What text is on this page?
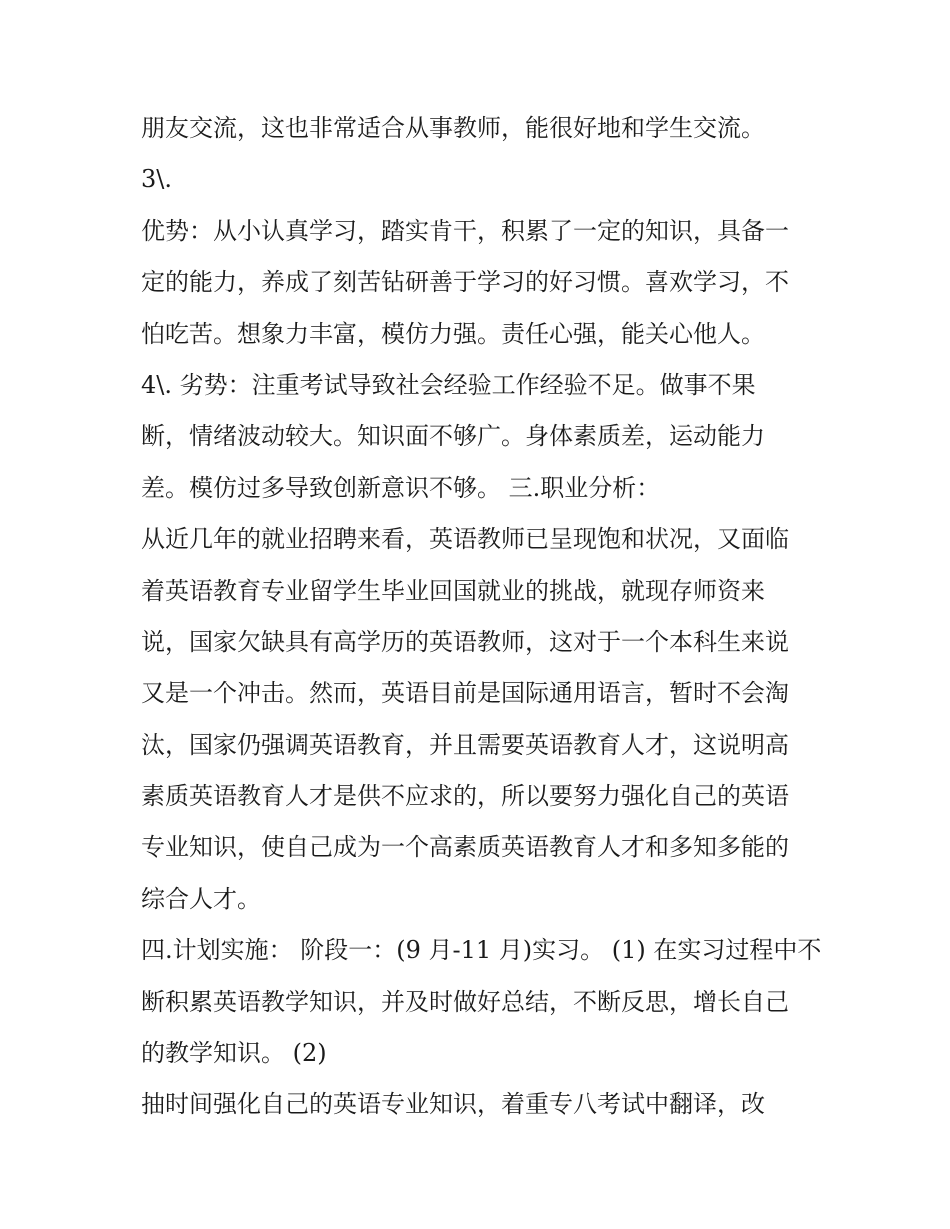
朋友交流，这也非常适合从事教师，能很好地和学生交流。
3\.
优势：从小认真学习，踏实肯干，积累了一定的知识，具备一
定的能力，养成了刻苦钻研善于学习的好习惯。喜欢学习，不
怕吃苦。想象力丰富，模仿力强。责任心强，能关心他人。
4\. 劣势：注重考试导致社会经验工作经验不足。做事不果
断，情绪波动较大。知识面不够广。身体素质差，运动能力
差。模仿过多导致创新意识不够。 三.职业分析：
从近几年的就业招聘来看，英语教师已呈现饱和状况，又面临
着英语教育专业留学生毕业回国就业的挑战，就现存师资来
说，国家欠缺具有高学历的英语教师，这对于一个本科生来说
又是一个冲击。然而，英语目前是国际通用语言，暂时不会淘
汰，国家仍强调英语教育，并且需要英语教育人才，这说明高
素质英语教育人才是供不应求的，所以要努力强化自己的英语
专业知识，使自己成为一个高素质英语教育人才和多知多能的
综合人才。
四.计划实施： 阶段一：(9 月-11 月)实习。 (1) 在实习过程中不
断积累英语教学知识，并及时做好总结，不断反思，增长自己
的教学知识。 (2)
抽时间强化自己的英语专业知识，着重专八考试中翻译，改
